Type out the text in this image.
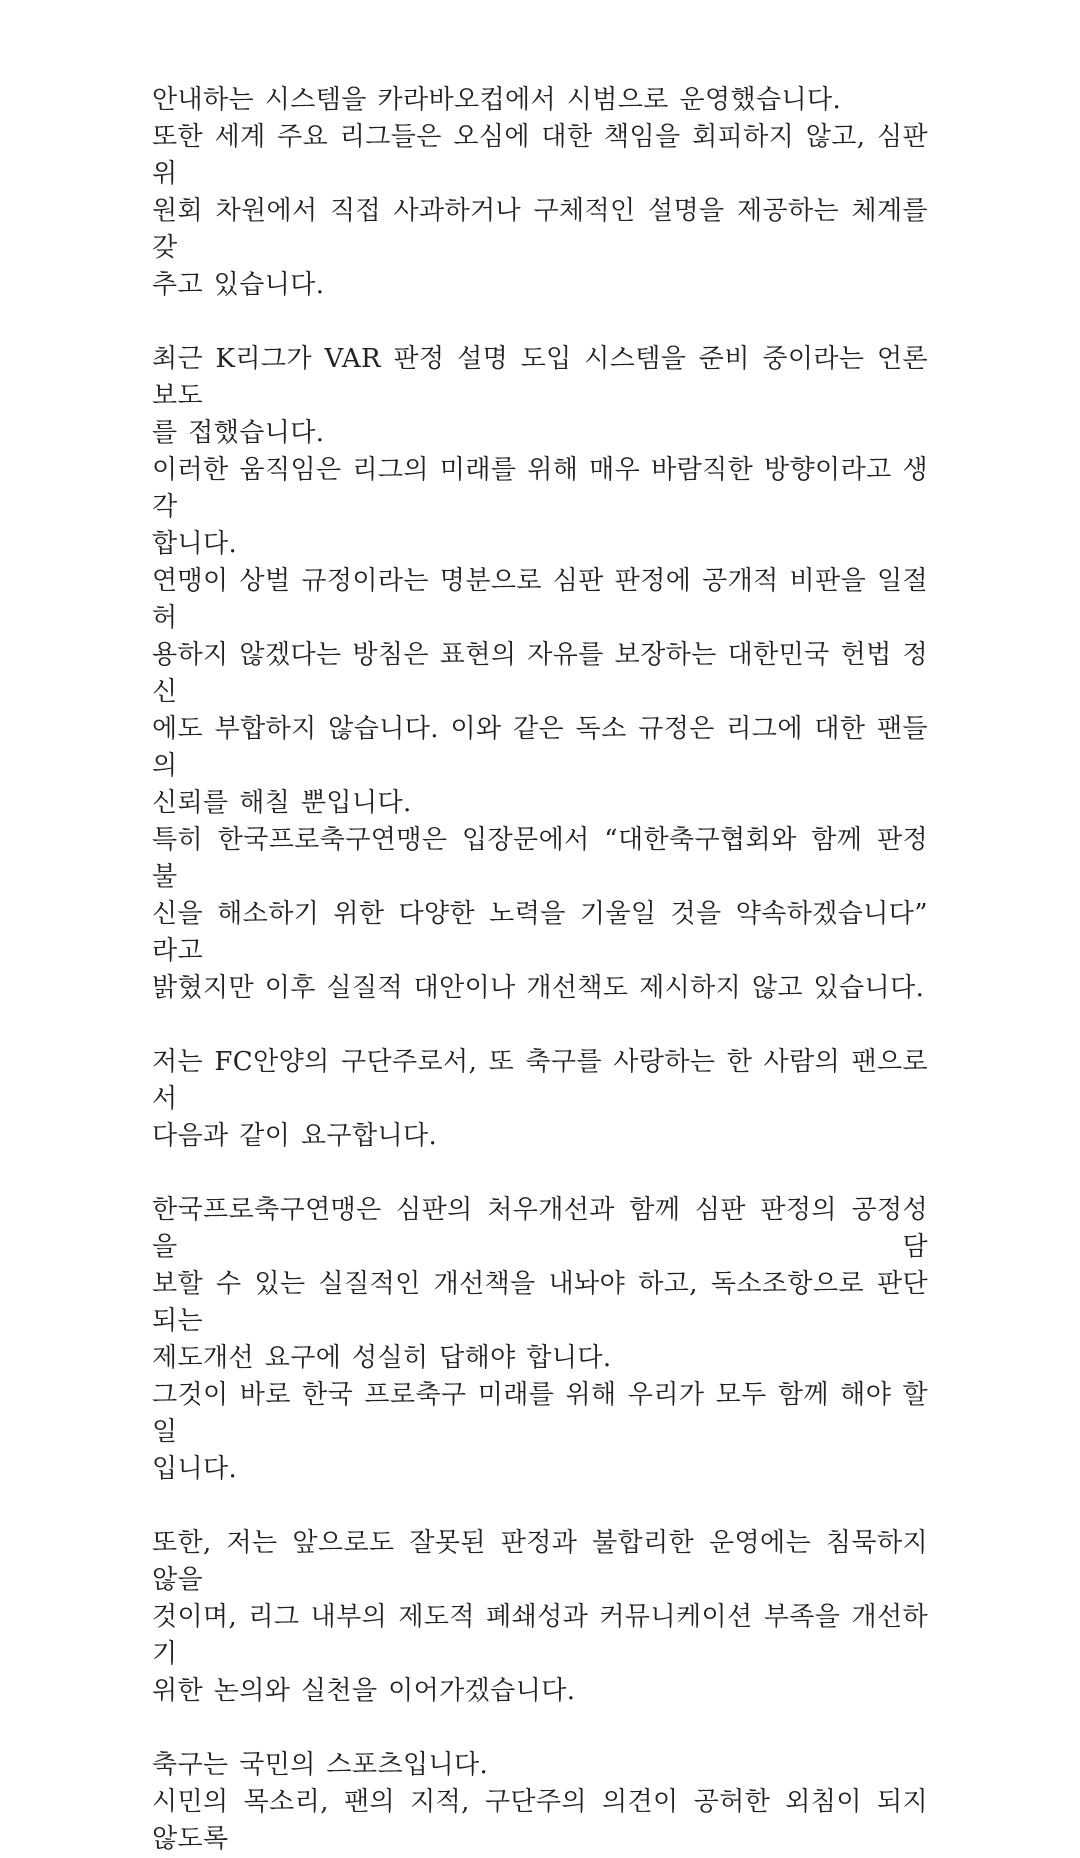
안내하는 시스템을 카라바오컵에서 시범으로 운영했습니다.
또한 세계 주요 리그들은 오심에 대한 책임을 회피하지 않고, 심판위
원회 차원에서 직접 사과하거나 구체적인 설명을 제공하는 체계를 갖
추고 있습니다.
최근 K리그가 VAR 판정 설명 도입 시스템을 준비 중이라는 언론 보도
를 접했습니다.
이러한 움직임은 리그의 미래를 위해 매우 바람직한 방향이라고 생각
합니다.
연맹이 상벌 규정이라는 명분으로 심판 판정에 공개적 비판을 일절 허
용하지 않겠다는 방침은 표현의 자유를 보장하는 대한민국 헌법 정신
에도 부합하지 않습니다. 이와 같은 독소 규정은 리그에 대한 팬들의
신뢰를 해칠 뿐입니다.
특히 한국프로축구연맹은 입장문에서 “대한축구협회와 함께 판정 불
신을 해소하기 위한 다양한 노력을 기울일 것을 약속하겠습니다” 라고
밝혔지만 이후 실질적 대안이나 개선책도 제시하지 않고 있습니다.
저는 FC안양의 구단주로서, 또 축구를 사랑하는 한 사람의 팬으로서
다음과 같이 요구합니다.
한국프로축구연맹은 심판의 처우개선과 함께 심판 판정의 공정성을 담
보할 수 있는 실질적인 개선책을 내놔야 하고, 독소조항으로 판단되는
제도개선 요구에 성실히 답해야 합니다.
그것이 바로 한국 프로축구 미래를 위해 우리가 모두 함께 해야 할 일
입니다.
또한, 저는 앞으로도 잘못된 판정과 불합리한 운영에는 침묵하지 않을
것이며, 리그 내부의 제도적 폐쇄성과 커뮤니케이션 부족을 개선하기
위한 논의와 실천을 이어가겠습니다.
축구는 국민의 스포츠입니다.
시민의 목소리, 팬의 지적, 구단주의 의견이 공허한 외침이 되지 않도록
